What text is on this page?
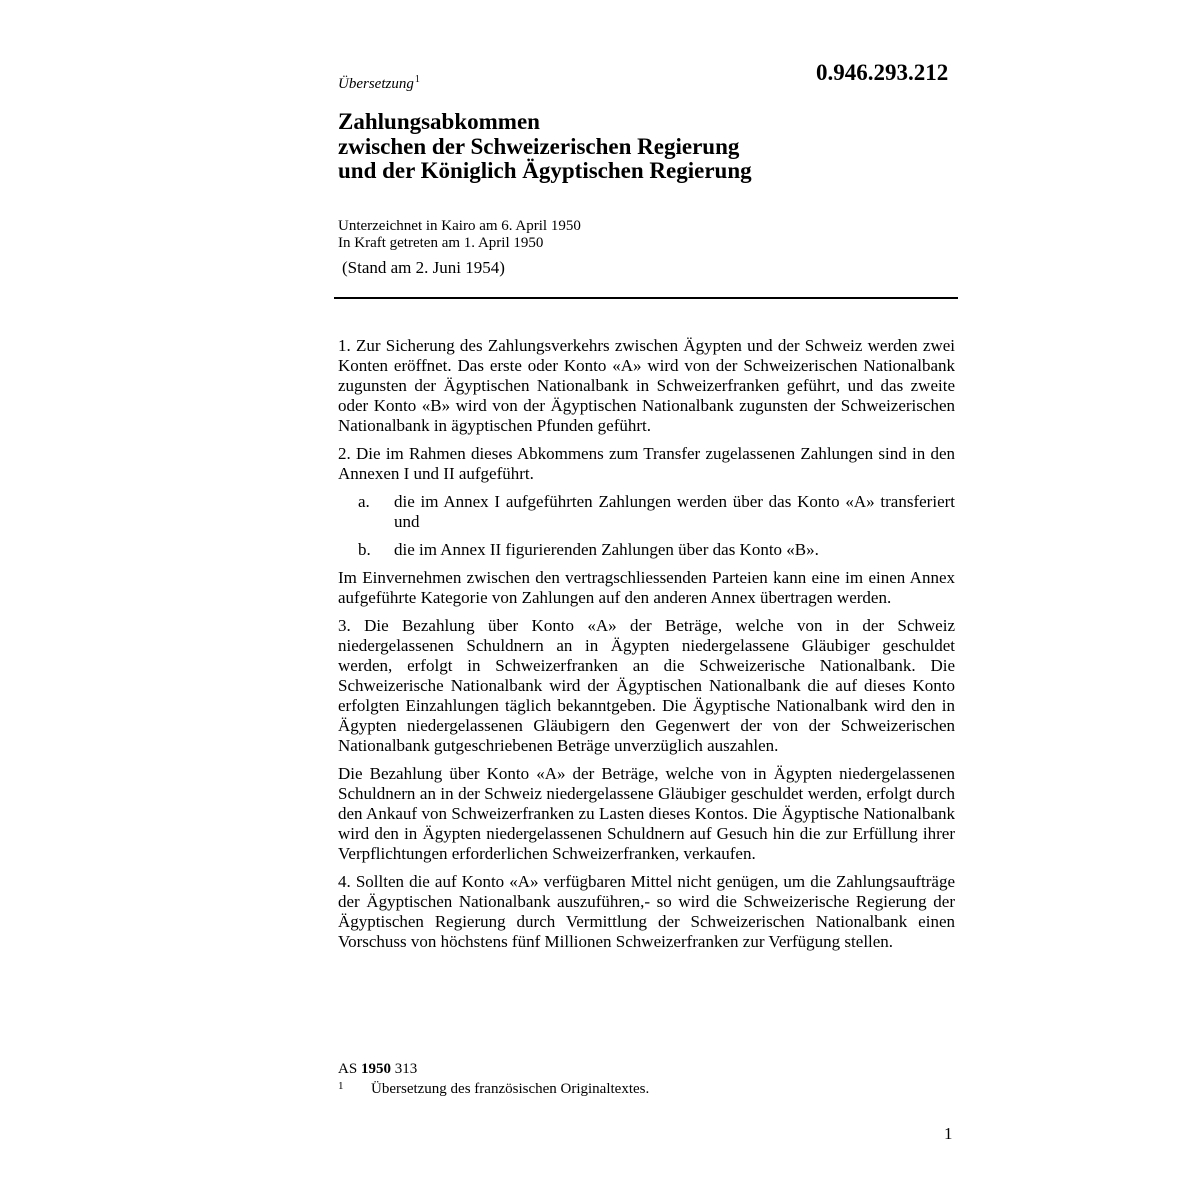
0.946.293.212
Übersetzung$^1$
Zahlungsabkommen
zwischen der Schweizerischen Regierung
und der Königlich Ägyptischen Regierung
Unterzeichnet in Kairo am 6. April 1950
In Kraft getreten am 1. April 1950
(Stand am 2. Juni 1954)

1. Zur Sicherung des Zahlungsverkehrs zwischen Ägypten und der Schweiz werden zwei Konten eröffnet. Das erste oder Konto «A» wird von der Schweizerischen Nationalbank zugunsten der Ägyptischen Nationalbank in Schweizerfranken geführt, und das zweite oder Konto «B» wird von der Ägyptischen Nationalbank zugunsten der Schweizerischen Nationalbank in ägyptischen Pfunden geführt.

2. Die im Rahmen dieses Abkommens zum Transfer zugelassenen Zahlungen sind in den Annexen I und II aufgeführt.

a.	die im Annex I aufgeführten Zahlungen werden über das Konto «A» transferiert und
b.	die im Annex II figurierenden Zahlungen über das Konto «B».

Im Einvernehmen zwischen den vertragschliessenden Parteien kann eine im einen Annex aufgeführte Kategorie von Zahlungen auf den anderen Annex übertragen werden.

3. Die Bezahlung über Konto «A» der Beträge, welche von in der Schweiz niedergelassenen Schuldnern an in Ägypten niedergelassene Gläubiger geschuldet werden, erfolgt in Schweizerfranken an die Schweizerische Nationalbank. Die Schweizerische Nationalbank wird der Ägyptischen Nationalbank die auf dieses Konto erfolgten Einzahlungen täglich bekanntgeben. Die Ägyptische Nationalbank wird den in Ägypten niedergelassenen Gläubigern den Gegenwert der von der Schweizerischen Nationalbank gutgeschriebenen Beträge unverzüglich auszahlen.

Die Bezahlung über Konto «A» der Beträge, welche von in Ägypten niedergelassenen Schuldnern an in der Schweiz niedergelassene Gläubiger geschuldet werden, erfolgt durch den Ankauf von Schweizerfranken zu Lasten dieses Kontos. Die Ägyptische Nationalbank wird den in Ägypten niedergelassenen Schuldnern auf Gesuch hin die zur Erfüllung ihrer Verpflichtungen erforderlichen Schweizerfranken, verkaufen.

4. Sollten die auf Konto «A» verfügbaren Mittel nicht genügen, um die Zahlungsaufträge der Ägyptischen Nationalbank auszuführen,- so wird die Schweizerische Regierung der Ägyptischen Regierung durch Vermittlung der Schweizerischen Nationalbank einen Vorschuss von höchstens fünf Millionen Schweizerfranken zur Verfügung stellen.

AS 1950 313
1	Übersetzung des französischen Originaltextes.
1
